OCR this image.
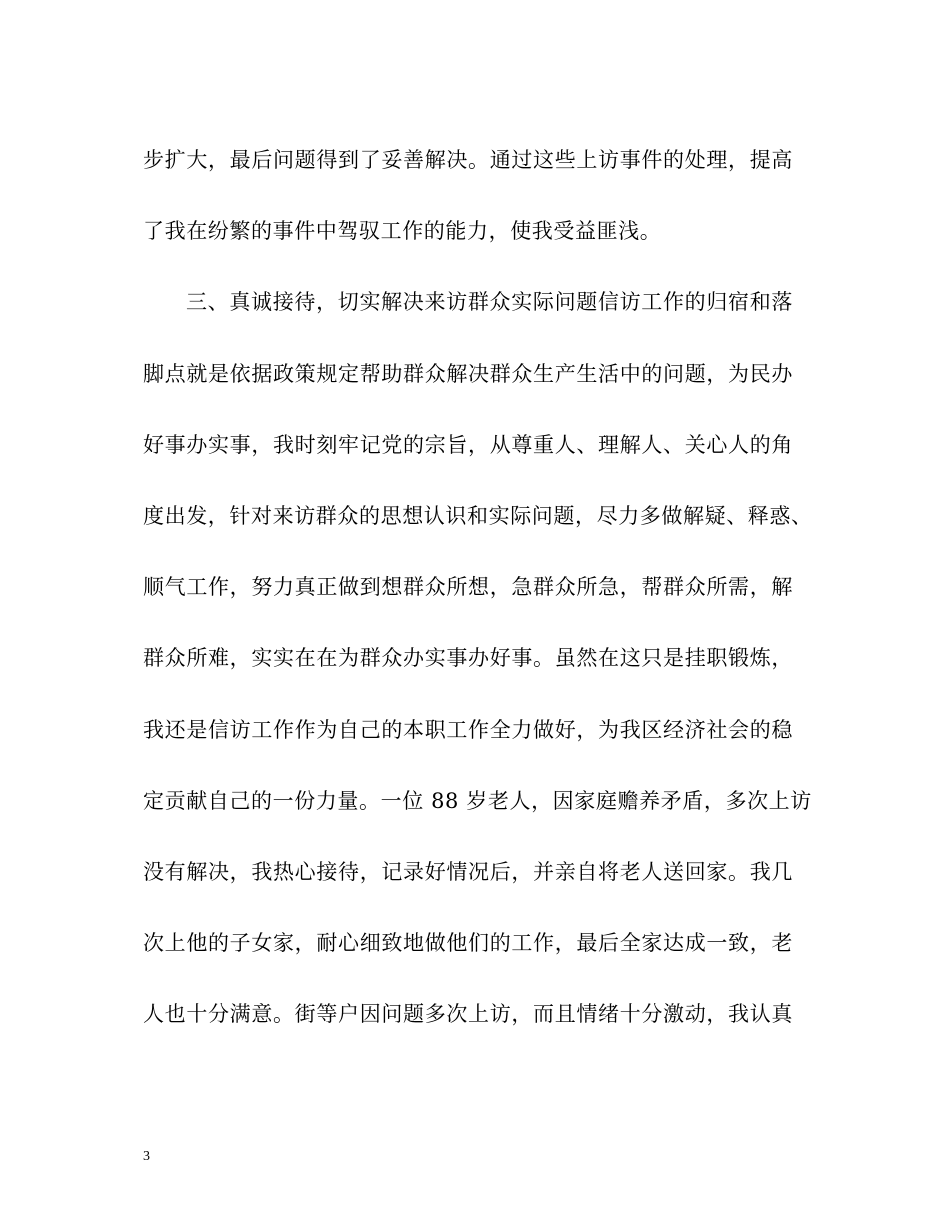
步扩大，最后问题得到了妥善解决。通过这些上访事件的处理，提高
了我在纷繁的事件中驾驭工作的能力，使我受益匪浅。
三、真诚接待，切实解决来访群众实际问题信访工作的归宿和落
脚点就是依据政策规定帮助群众解决群众生产生活中的问题，为民办
好事办实事，我时刻牢记党的宗旨，从尊重人、理解人、关心人的角
度出发，针对来访群众的思想认识和实际问题，尽力多做解疑、释惑、
顺气工作，努力真正做到想群众所想，急群众所急，帮群众所需，解
群众所难，实实在在为群众办实事办好事。虽然在这只是挂职锻炼，
我还是信访工作作为自己的本职工作全力做好，为我区经济社会的稳
定贡献自己的一份力量。一位 88 岁老人，因家庭赡养矛盾，多次上访
没有解决，我热心接待，记录好情况后，并亲自将老人送回家。我几
次上他的子女家，耐心细致地做他们的工作，最后全家达成一致，老
人也十分满意。街等户因问题多次上访，而且情绪十分激动，我认真
3
